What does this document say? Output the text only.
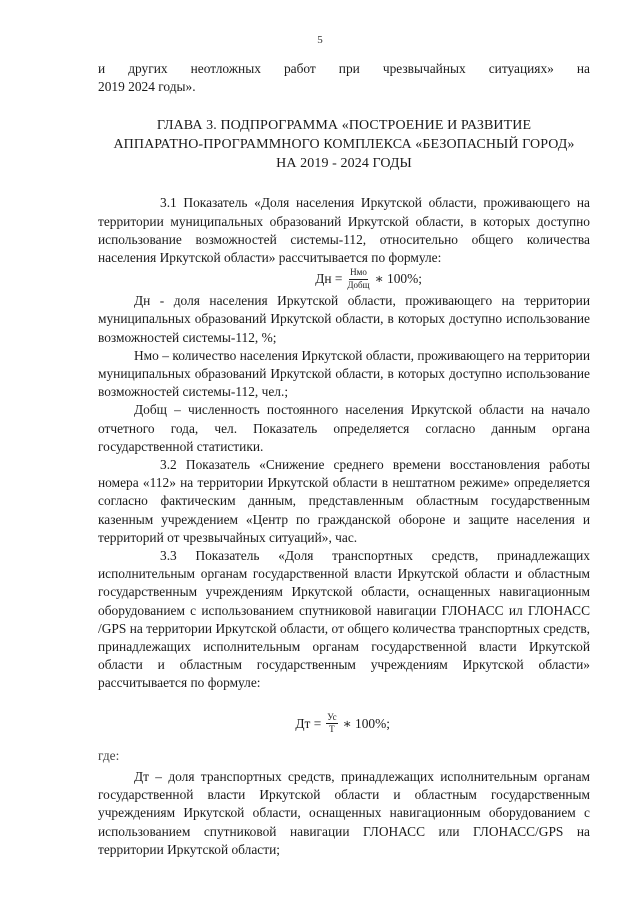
5

и других неотложных работ при чрезвычайных ситуациях» на

2019 2024 годы».

ГЛАВА 3. ПОДПРОГРАММА «ПОСТРОЕНИЕ И РАЗВИТИЕ
АППАРАТНО-ПРОГРАММНОГО КОМПЛЕКСА «БЕЗОПАСНЫЙ ГОРОД»
НА 2019 - 2024 ГОДЫ

3.1 Показатель «Доля населения Иркутской области, проживающего на территории муниципальных образований Иркутской области, в которых доступно использование возможностей системы-112, относительно общего количества населения Иркутской области» рассчитывается по формуле:

Дн = $\frac{\text{Нмо}}{\text{Добщ}}$ ∗ 100%;

Дн - доля населения Иркутской области, проживающего на территории муниципальных образований Иркутской области, в которых доступно использование возможностей системы-112, %;

Нмо – количество населения Иркутской области, проживающего на территории муниципальных образований Иркутской области, в которых доступно использование возможностей системы-112, чел.;

Добщ – численность постоянного населения Иркутской области на начало отчетного года, чел. Показатель определяется согласно данным органа государственной статистики.

3.2 Показатель «Снижение среднего времени восстановления работы номера «112» на территории Иркутской области в нештатном режиме» определяется согласно фактическим данным, представленным областным государственным казенным учреждением «Центр по гражданской обороне и защите населения и территорий от чрезвычайных ситуаций», час.

3.3 Показатель «Доля транспортных средств, принадлежащих исполнительным органам государственной власти Иркутской области и областным государственным учреждениям Иркутской области, оснащенных навигационным оборудованием с использованием спутниковой навигации ГЛОНАСС ил ГЛОНАСС /GPS на территории Иркутской области, от общего количества транспортных средств, принадлежащих исполнительным органам государственной власти Иркутской области и областным государственным учреждениям Иркутской области» рассчитывается по формуле:

Дт = $\frac{Ус}{Т}$ ∗ 100%;

где:

Дт – доля транспортных средств, принадлежащих исполнительным органам государственной власти Иркутской области и областным государственным учреждениям Иркутской области, оснащенных навигационным оборудованием с использованием спутниковой навигации ГЛОНАСС или ГЛОНАСС/GPS на территории Иркутской области;
